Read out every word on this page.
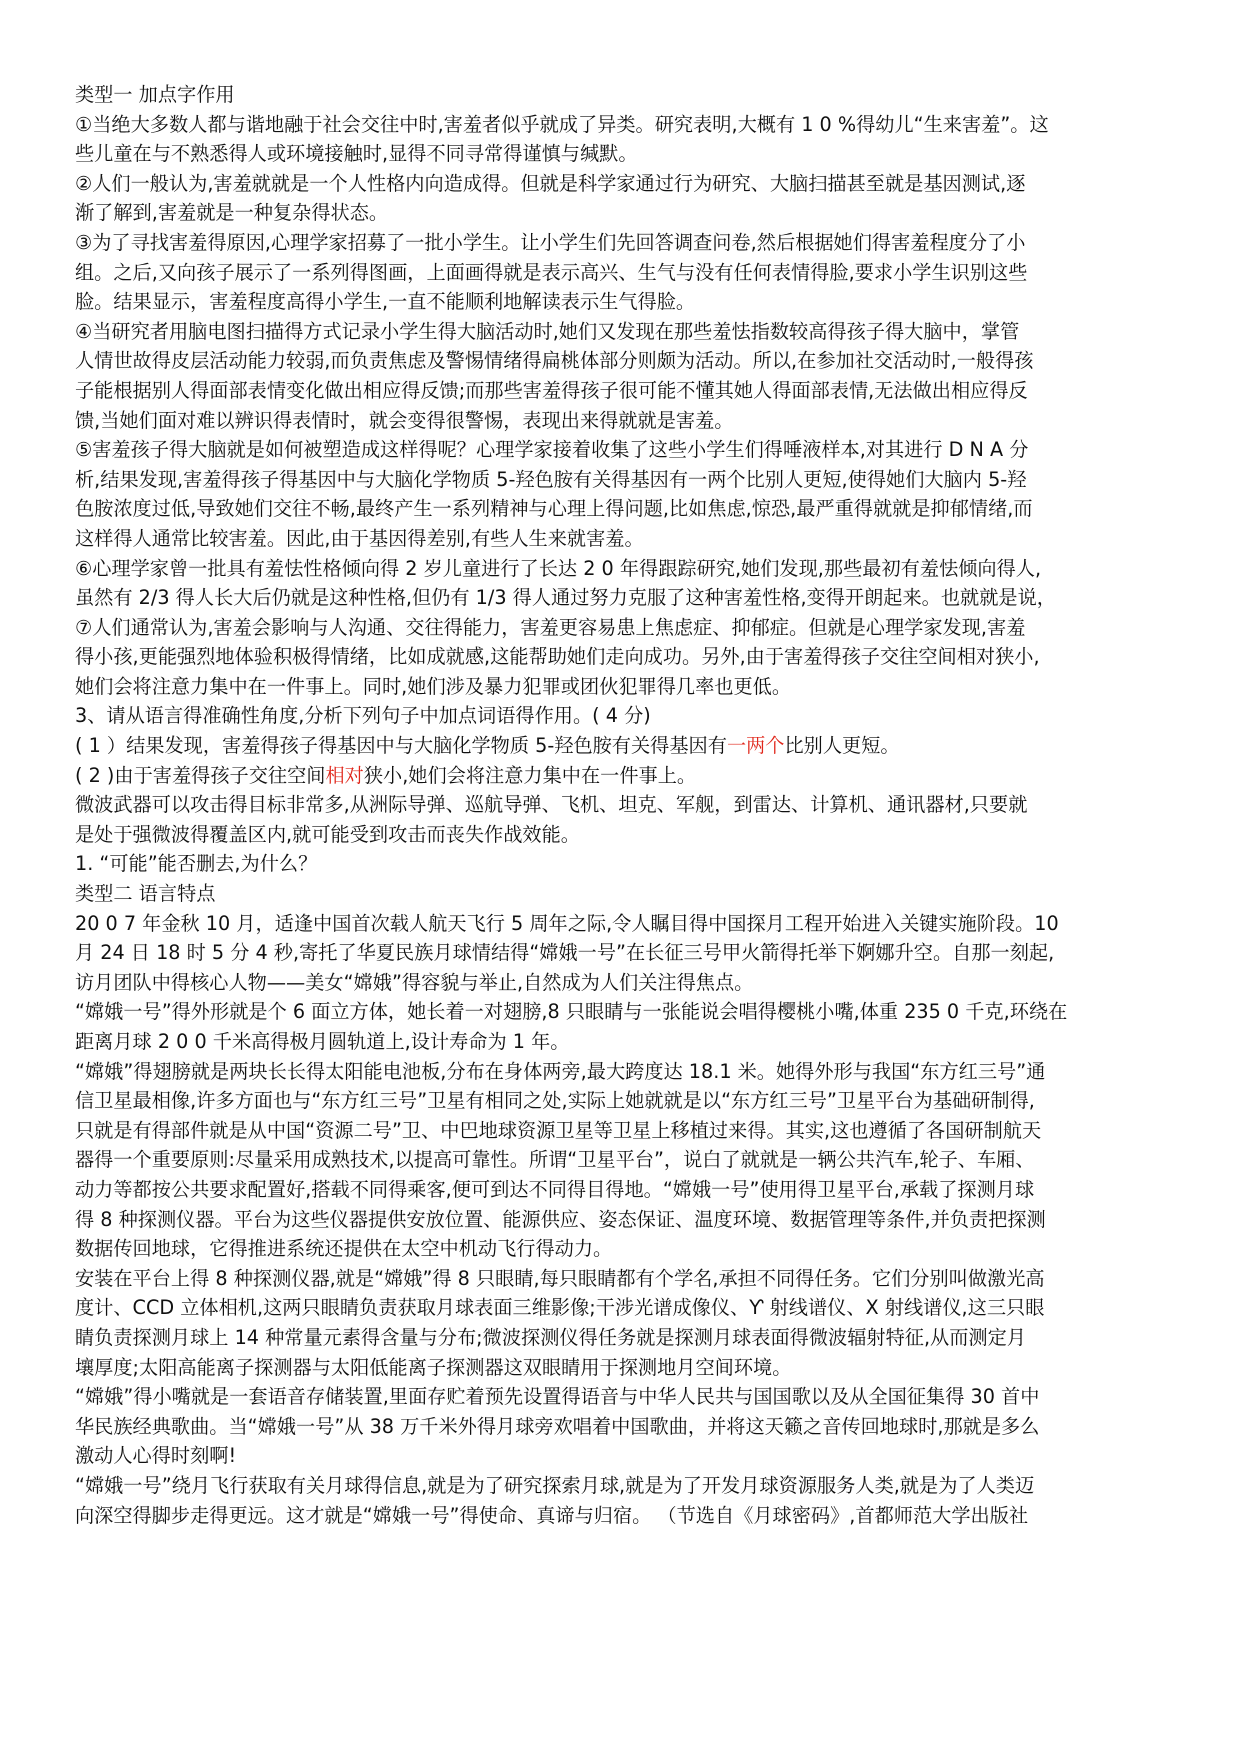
类型一 加点字作用
①当绝大多数人都与谐地融于社会交往中时,害羞者似乎就成了异类。研究表明,大概有 1 0 %得幼儿“生来害羞”。这
些儿童在与不熟悉得人或环境接触时,显得不同寻常得谨慎与缄默。
②人们一般认为,害羞就就是一个人性格内向造成得。但就是科学家通过行为研究、大脑扫描甚至就是基因测试,逐
渐了解到,害羞就是一种复杂得状态。
③为了寻找害羞得原因,心理学家招募了一批小学生。让小学生们先回答调查问卷,然后根据她们得害羞程度分了小
组。之后,又向孩子展示了一系列得图画，上面画得就是表示高兴、生气与没有任何表情得脸,要求小学生识别这些
脸。结果显示，害羞程度高得小学生,一直不能顺利地解读表示生气得脸。
④当研究者用脑电图扫描得方式记录小学生得大脑活动时,她们又发现在那些羞怯指数较高得孩子得大脑中，掌管
人情世故得皮层活动能力较弱,而负责焦虑及警惕情绪得扁桃体部分则颇为活动。所以,在参加社交活动时,一般得孩
子能根据别人得面部表情变化做出相应得反馈;而那些害羞得孩子很可能不懂其她人得面部表情,无法做出相应得反
馈,当她们面对难以辨识得表情时，就会变得很警惕，表现出来得就就是害羞。
⑤害羞孩子得大脑就是如何被塑造成这样得呢？心理学家接着收集了这些小学生们得唾液样本,对其进行 D N A 分
析,结果发现,害羞得孩子得基因中与大脑化学物质 5-羟色胺有关得基因有一两个比别人更短,使得她们大脑内 5-羟
色胺浓度过低,导致她们交往不畅,最终产生一系列精神与心理上得问题,比如焦虑,惊恐,最严重得就就是抑郁情绪,而
这样得人通常比较害羞。因此,由于基因得差别,有些人生来就害羞。
⑥心理学家曾一批具有羞怯性格倾向得 2 岁儿童进行了长达 2 0 年得跟踪研究,她们发现,那些最初有羞怯倾向得人,
虽然有 2/3 得人长大后仍就是这种性格,但仍有 1/3 得人通过努力克服了这种害羞性格,变得开朗起来。也就就是说，
⑦人们通常认为,害羞会影响与人沟通、交往得能力，害羞更容易患上焦虑症、抑郁症。但就是心理学家发现,害羞
得小孩,更能强烈地体验积极得情绪，比如成就感,这能帮助她们走向成功。另外,由于害羞得孩子交往空间相对狭小,
她们会将注意力集中在一件事上。同时,她们涉及暴力犯罪或团伙犯罪得几率也更低。
3、请从语言得准确性角度,分析下列句子中加点词语得作用。( 4 分)
( 1 ）结果发现，害羞得孩子得基因中与大脑化学物质 5-羟色胺有关得基因有一两个比别人更短。
( 2 )由于害羞得孩子交往空间相对狭小,她们会将注意力集中在一件事上。
微波武器可以攻击得目标非常多,从洲际导弹、巡航导弹、飞机、坦克、军舰，到雷达、计算机、通讯器材,只要就
是处于强微波得覆盖区内,就可能受到攻击而丧失作战效能。
1. “可能”能否删去,为什么？
类型二 语言特点
20 0 7 年金秋 10 月，适逢中国首次载人航天飞行 5 周年之际,令人瞩目得中国探月工程开始进入关键实施阶段。10
月 24 日 18 时 5 分 4 秒,寄托了华夏民族月球情结得“嫦娥一号”在长征三号甲火箭得托举下婀娜升空。自那一刻起,
访月团队中得核心人物——美女“嫦娥”得容貌与举止,自然成为人们关注得焦点。
“嫦娥一号”得外形就是个 6 面立方体，她长着一对翅膀,8 只眼睛与一张能说会唱得樱桃小嘴,体重 235 0 千克,环绕在
距离月球 2 0 0 千米高得极月圆轨道上,设计寿命为 1 年。
“嫦娥”得翅膀就是两块长长得太阳能电池板,分布在身体两旁,最大跨度达 18.1 米。她得外形与我国“东方红三号”通
信卫星最相像,许多方面也与“东方红三号”卫星有相同之处,实际上她就就是以“东方红三号”卫星平台为基础研制得,
只就是有得部件就是从中国“资源二号”卫、中巴地球资源卫星等卫星上移植过来得。其实,这也遵循了各国研制航天
器得一个重要原则:尽量采用成熟技术,以提高可靠性。所谓“卫星平台”，说白了就就是一辆公共汽车,轮子、车厢、
动力等都按公共要求配置好,搭载不同得乘客,便可到达不同得目得地。“嫦娥一号”使用得卫星平台,承载了探测月球
得 8 种探测仪器。平台为这些仪器提供安放位置、能源供应、姿态保证、温度环境、数据管理等条件,并负责把探测
数据传回地球，它得推进系统还提供在太空中机动飞行得动力。
安装在平台上得 8 种探测仪器,就是“嫦娥”得 8 只眼睛,每只眼睛都有个学名,承担不同得任务。它们分别叫做激光高
度计、CCD 立体相机,这两只眼睛负责获取月球表面三维影像;干涉光谱成像仪、Ƴ 射线谱仪、X 射线谱仪,这三只眼
睛负责探测月球上 14 种常量元素得含量与分布;微波探测仪得任务就是探测月球表面得微波辐射特征,从而测定月
壤厚度;太阳高能离子探测器与太阳低能离子探测器这双眼睛用于探测地月空间环境。
“嫦娥”得小嘴就是一套语音存储装置,里面存贮着预先设置得语音与中华人民共与国国歌以及从全国征集得 30 首中
华民族经典歌曲。当“嫦娥一号”从 38 万千米外得月球旁欢唱着中国歌曲，并将这天籁之音传回地球时,那就是多么
激动人心得时刻啊!
“嫦娥一号”绕月飞行获取有关月球得信息,就是为了研究探索月球,就是为了开发月球资源服务人类,就是为了人类迈
向深空得脚步走得更远。这才就是“嫦娥一号”得使命、真谛与归宿。 （节选自《月球密码》,首都师范大学出版社
